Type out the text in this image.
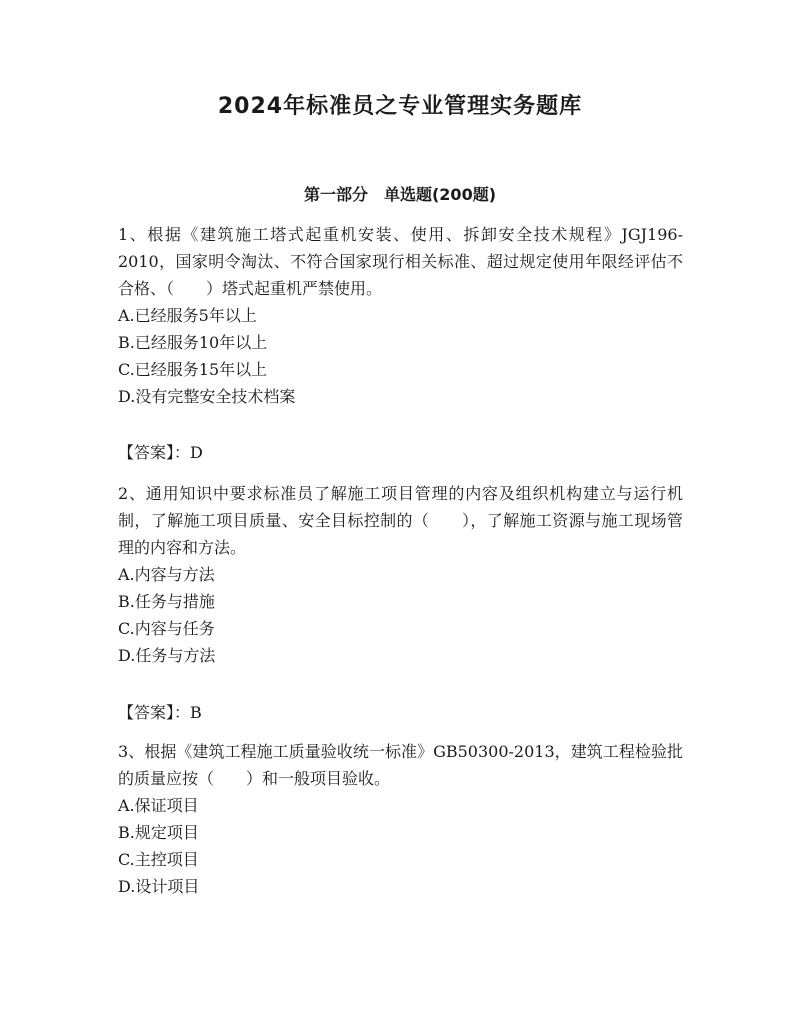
2024年标准员之专业管理实务题库
第一部分　单选题(200题)
1、根据《建筑施工塔式起重机安装、使用、拆卸安全技术规程》JGJ196-2010，国家明令淘汰、不符合国家现行相关标准、超过规定使用年限经评估不合格、（　　）塔式起重机严禁使用。
A.已经服务5年以上
B.已经服务10年以上
C.已经服务15年以上
D.没有完整安全技术档案
【答案】：D
2、通用知识中要求标准员了解施工项目管理的内容及组织机构建立与运行机制，了解施工项目质量、安全目标控制的（　　），了解施工资源与施工现场管理的内容和方法。
A.内容与方法
B.任务与措施
C.内容与任务
D.任务与方法
【答案】：B
3、根据《建筑工程施工质量验收统一标准》GB50300-2013，建筑工程检验批的质量应按（　　）和一般项目验收。
A.保证项目
B.规定项目
C.主控项目
D.设计项目
